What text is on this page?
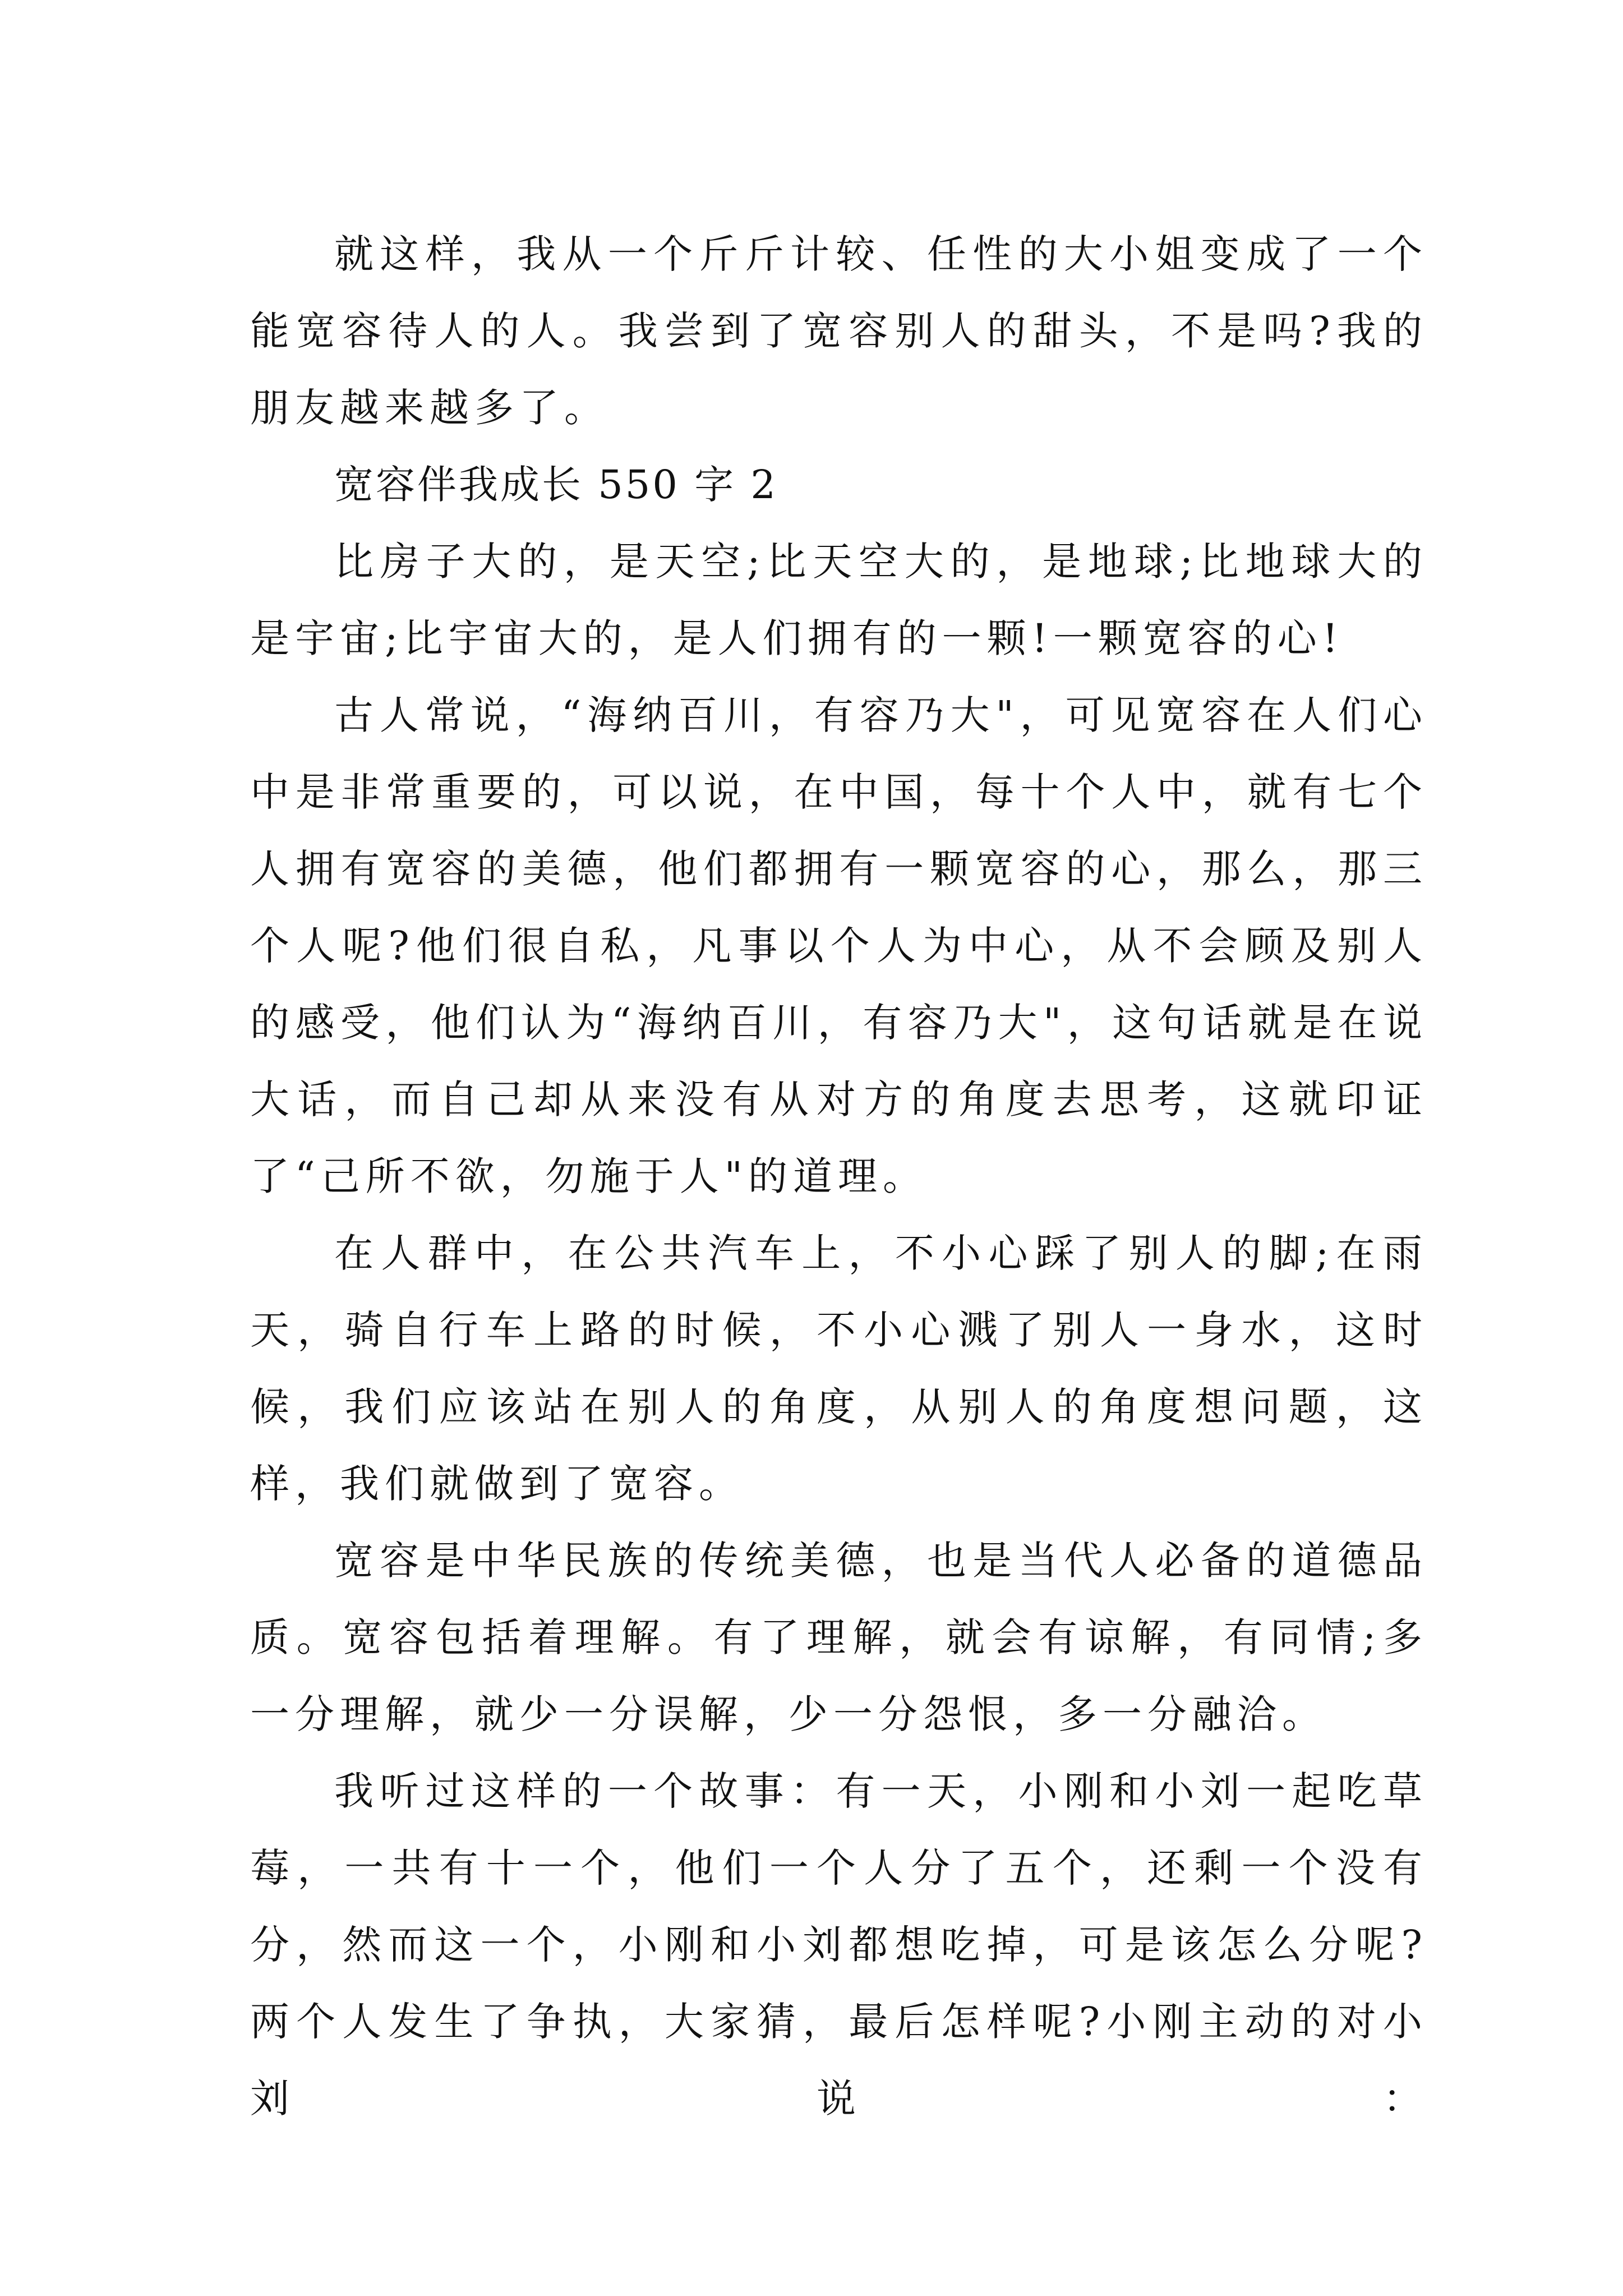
就这样，我从一个斤斤计较、任性的大小姐变成了一个能宽容待人的人。我尝到了宽容别人的甜头，不是吗?我的朋友越来越多了。

宽容伴我成长 550 字 2

比房子大的，是天空;比天空大的，是地球;比地球大的是宇宙;比宇宙大的，是人们拥有的一颗!一颗宽容的心!

古人常说，“海纳百川，有容乃大"，可见宽容在人们心中是非常重要的，可以说，在中国，每十个人中，就有七个人拥有宽容的美德，他们都拥有一颗宽容的心，那么，那三个人呢?他们很自私，凡事以个人为中心，从不会顾及别人的感受，他们认为“海纳百川，有容乃大"，这句话就是在说大话，而自己却从来没有从对方的角度去思考，这就印证了“己所不欲，勿施于人"的道理。

在人群中，在公共汽车上，不小心踩了别人的脚;在雨天，骑自行车上路的时候，不小心溅了别人一身水，这时候，我们应该站在别人的角度，从别人的角度想问题，这样，我们就做到了宽容。

宽容是中华民族的传统美德，也是当代人必备的道德品质。宽容包括着理解。有了理解，就会有谅解，有同情;多一分理解，就少一分误解，少一分怨恨，多一分融洽。

我听过这样的一个故事：有一天，小刚和小刘一起吃草莓，一共有十一个，他们一个人分了五个，还剩一个没有分，然而这一个，小刚和小刘都想吃掉，可是该怎么分呢?两个人发生了争执，大家猜，最后怎样呢?小刚主动的对小刘说：
